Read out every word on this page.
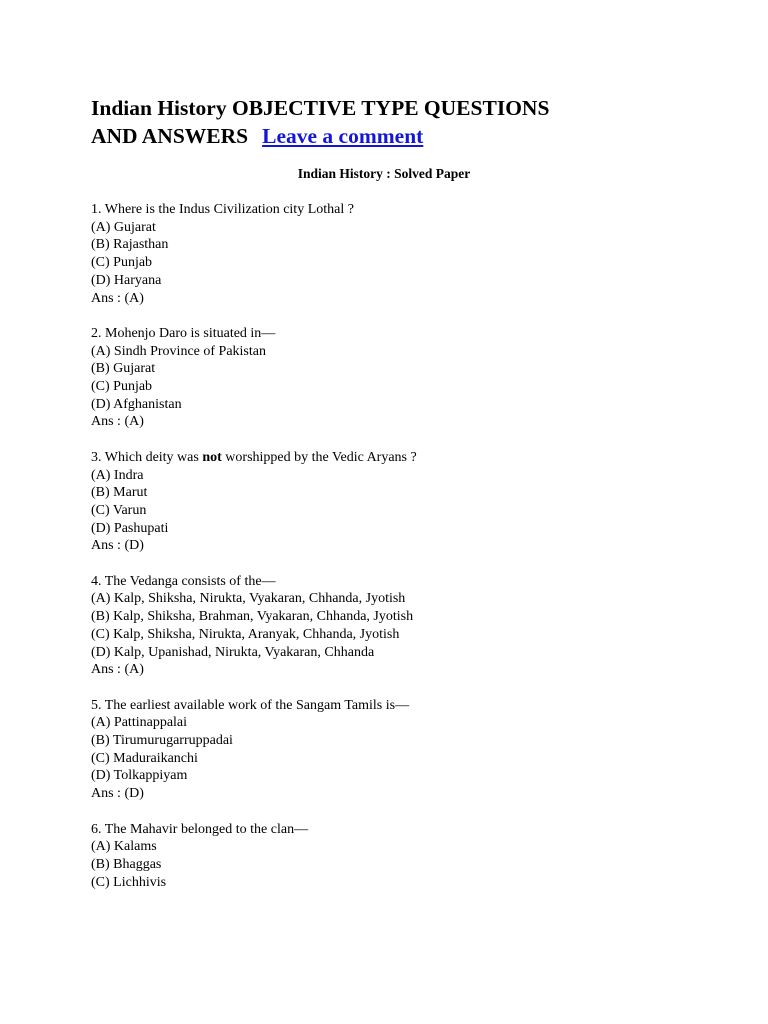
Indian History OBJECTIVE TYPE QUESTIONS
AND ANSWERS Leave a comment

Indian History : Solved Paper

1. Where is the Indus Civilization city Lothal ?
(A) Gujarat
(B) Rajasthan
(C) Punjab
(D) Haryana
Ans : (A)
2. Mohenjo Daro is situated in—
(A) Sindh Province of Pakistan
(B) Gujarat
(C) Punjab
(D) Afghanistan
Ans : (A)
3. Which deity was not worshipped by the Vedic Aryans ?
(A) Indra
(B) Marut
(C) Varun
(D) Pashupati
Ans : (D)
4. The Vedanga consists of the—
(A) Kalp, Shiksha, Nirukta, Vyakaran, Chhanda, Jyotish
(B) Kalp, Shiksha, Brahman, Vyakaran, Chhanda, Jyotish
(C) Kalp, Shiksha, Nirukta, Aranyak, Chhanda, Jyotish
(D) Kalp, Upanishad, Nirukta, Vyakaran, Chhanda
Ans : (A)
5. The earliest available work of the Sangam Tamils is—
(A) Pattinappalai
(B) Tirumurugarruppadai
(C) Maduraikanchi
(D) Tolkappiyam
Ans : (D)
6. The Mahavir belonged to the clan—
(A) Kalams
(B) Bhaggas
(C) Lichhivis
